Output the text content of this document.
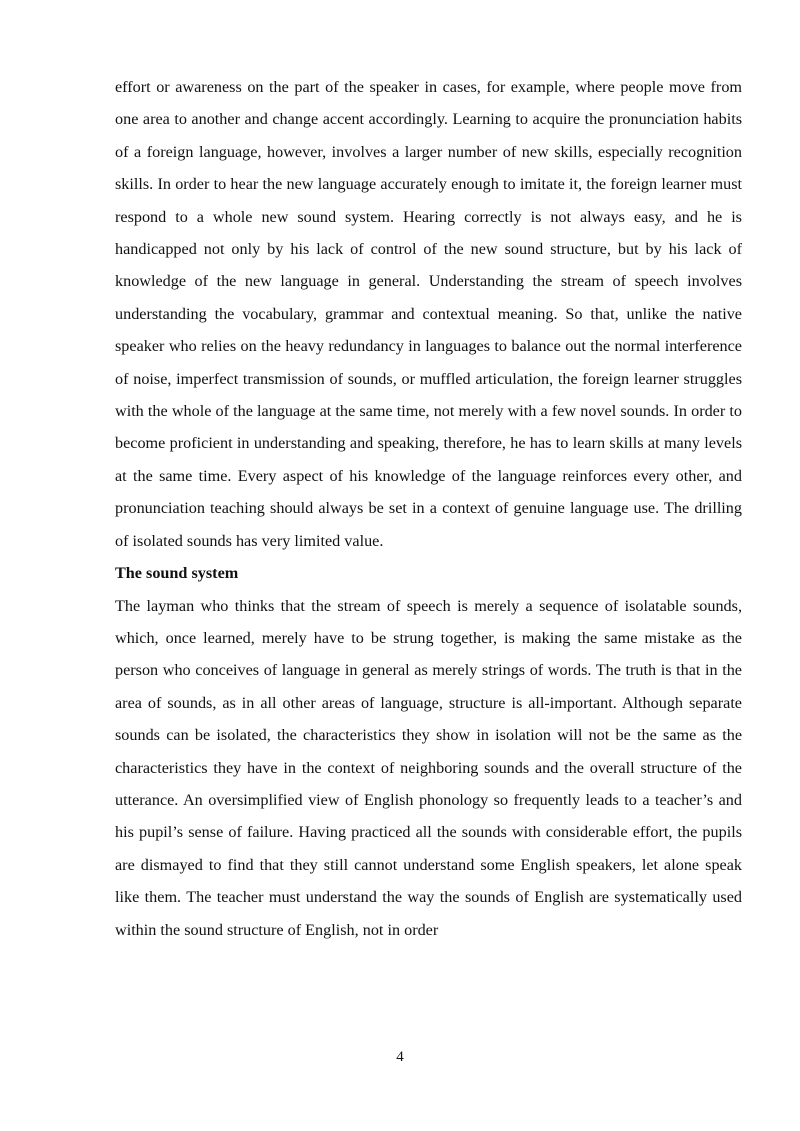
effort or awareness on the part of the speaker in cases, for example, where people move from one area to another and change accent accordingly. Learning to acquire the pronunciation habits of a foreign language, however, involves a larger number of new skills, especially recognition skills. In order to hear the new language accurately enough to imitate it, the foreign learner must respond to a whole new sound system. Hearing correctly is not always easy, and he is handicapped not only by his lack of control of the new sound structure, but by his lack of knowledge of the new language in general. Understanding the stream of speech involves understanding the vocabulary, grammar and contextual meaning. So that, unlike the native speaker who relies on the heavy redundancy in languages to balance out the normal interference of noise, imperfect transmission of sounds, or muffled articulation, the foreign learner struggles with the whole of the language at the same time, not merely with a few novel sounds. In order to become proficient in understanding and speaking, therefore, he has to learn skills at many levels at the same time. Every aspect of his knowledge of the language reinforces every other, and pronunciation teaching should always be set in a context of genuine language use. The drilling of isolated sounds has very limited value.

The sound system

The layman who thinks that the stream of speech is merely a sequence of isolatable sounds, which, once learned, merely have to be strung together, is making the same mistake as the person who conceives of language in general as merely strings of words. The truth is that in the area of sounds, as in all other areas of language, structure is all-important. Although separate sounds can be isolated, the characteristics they show in isolation will not be the same as the characteristics they have in the context of neighboring sounds and the overall structure of the utterance. An oversimplified view of English phonology so frequently leads to a teacher’s and his pupil’s sense of failure. Having practiced all the sounds with considerable effort, the pupils are dismayed to find that they still cannot understand some English speakers, let alone speak like them. The teacher must understand the way the sounds of English are systematically used within the sound structure of English, not in order

4
